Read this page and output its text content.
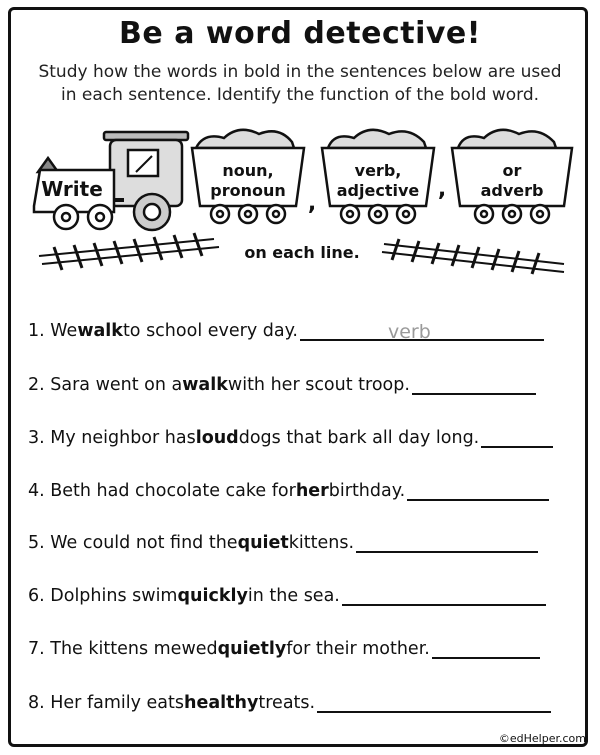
Be a word detective!
Study how the words in bold in the sentences below are used
in each sentence. Identify the function of the bold word.
Write
noun,
pronoun
,
verb,
adjective ,
or
adverb
on each line.
1. We walk to school every day.	verb
2. Sara went on a walk with her scout troop.
3. My neighbor has loud dogs that bark all day long.
4. Beth had chocolate cake for her birthday.
5. We could not find the quiet kittens.
6. Dolphins swim quickly in the sea.
7. The kittens mewed quietly for their mother.
8. Her family eats healthy treats.
©edHelper.com
